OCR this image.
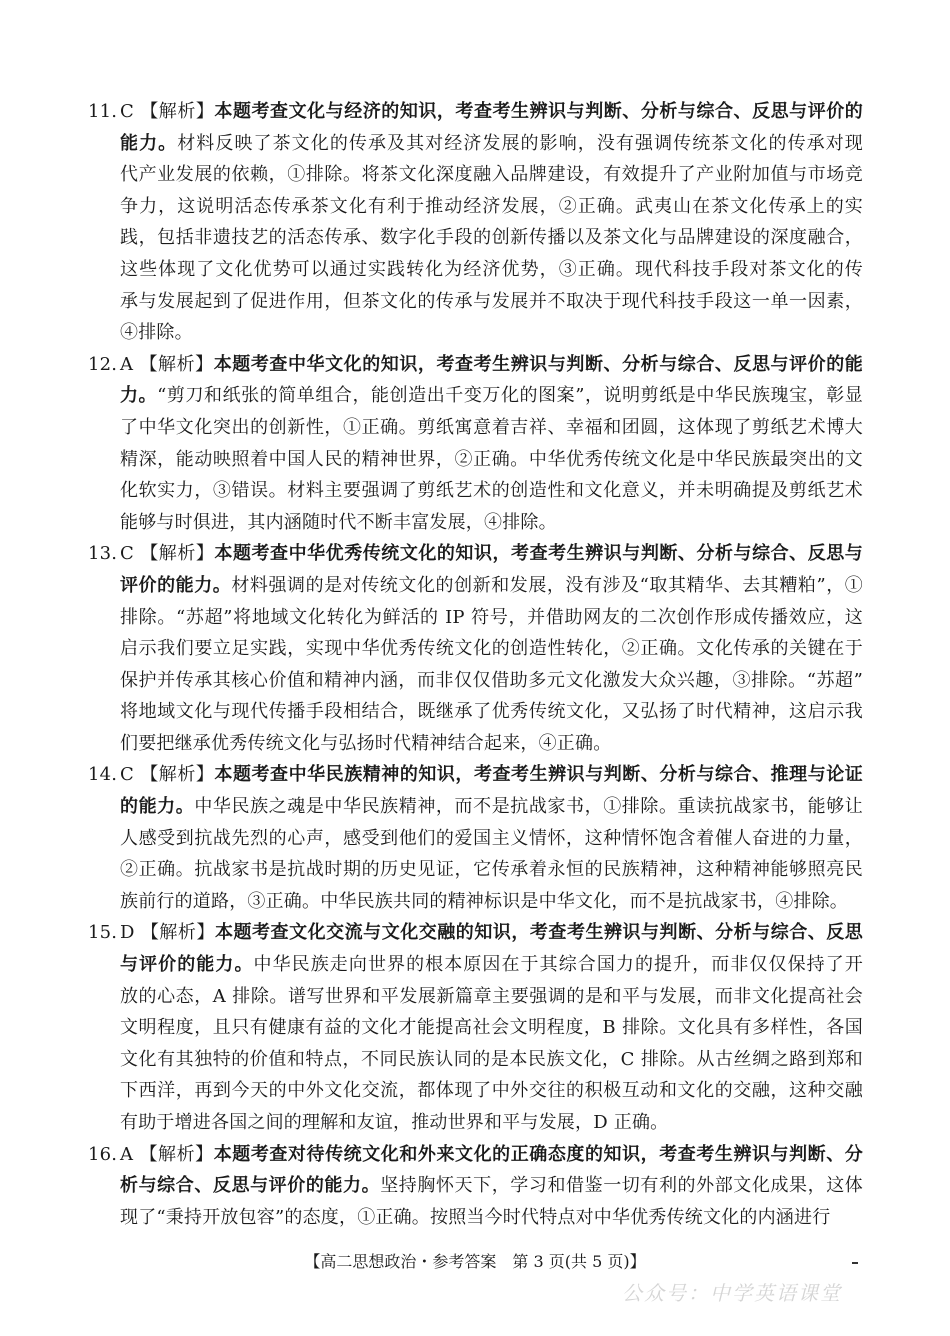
11. C 【解析】本题考查文化与经济的知识，考查考生辨识与判断、分析与综合、反思与评价的
能力。材料反映了茶文化的传承及其对经济发展的影响，没有强调传统茶文化的传承对现
代产业发展的依赖，①排除。将茶文化深度融入品牌建设，有效提升了产业附加值与市场竞
争力，这说明活态传承茶文化有利于推动经济发展，②正确。武夷山在茶文化传承上的实
践，包括非遗技艺的活态传承、数字化手段的创新传播以及茶文化与品牌建设的深度融合，
这些体现了文化优势可以通过实践转化为经济优势，③正确。现代科技手段对茶文化的传
承与发展起到了促进作用，但茶文化的传承与发展并不取决于现代科技手段这一单一因素，
④排除。
12. A 【解析】本题考查中华文化的知识，考查考生辨识与判断、分析与综合、反思与评价的能
力。“剪刀和纸张的简单组合，能创造出千变万化的图案”，说明剪纸是中华民族瑰宝，彰显
了中华文化突出的创新性，①正确。剪纸寓意着吉祥、幸福和团圆，这体现了剪纸艺术博大
精深，能动映照着中国人民的精神世界，②正确。中华优秀传统文化是中华民族最突出的文
化软实力，③错误。材料主要强调了剪纸艺术的创造性和文化意义，并未明确提及剪纸艺术
能够与时俱进，其内涵随时代不断丰富发展，④排除。
13. C 【解析】本题考查中华优秀传统文化的知识，考查考生辨识与判断、分析与综合、反思与
评价的能力。材料强调的是对传统文化的创新和发展，没有涉及“取其精华、去其糟粕”，①
排除。“苏超”将地域文化转化为鲜活的 IP 符号，并借助网友的二次创作形成传播效应，这
启示我们要立足实践，实现中华优秀传统文化的创造性转化，②正确。文化传承的关键在于
保护并传承其核心价值和精神内涵，而非仅仅借助多元文化激发大众兴趣，③排除。“苏超”
将地域文化与现代传播手段相结合，既继承了优秀传统文化，又弘扬了时代精神，这启示我
们要把继承优秀传统文化与弘扬时代精神结合起来，④正确。
14. C 【解析】本题考查中华民族精神的知识，考查考生辨识与判断、分析与综合、推理与论证
的能力。中华民族之魂是中华民族精神，而不是抗战家书，①排除。重读抗战家书，能够让
人感受到抗战先烈的心声，感受到他们的爱国主义情怀，这种情怀饱含着催人奋进的力量，
②正确。抗战家书是抗战时期的历史见证，它传承着永恒的民族精神，这种精神能够照亮民
族前行的道路，③正确。中华民族共同的精神标识是中华文化，而不是抗战家书，④排除。
15. D 【解析】本题考查文化交流与文化交融的知识，考查考生辨识与判断、分析与综合、反思
与评价的能力。中华民族走向世界的根本原因在于其综合国力的提升，而非仅仅保持了开
放的心态，A 排除。谱写世界和平发展新篇章主要强调的是和平与发展，而非文化提高社会
文明程度，且只有健康有益的文化才能提高社会文明程度，B 排除。文化具有多样性，各国
文化有其独特的价值和特点，不同民族认同的是本民族文化，C 排除。从古丝绸之路到郑和
下西洋，再到今天的中外文化交流，都体现了中外交往的积极互动和文化的交融，这种交融
有助于增进各国之间的理解和友谊，推动世界和平与发展，D 正确。
16. A 【解析】本题考查对待传统文化和外来文化的正确态度的知识，考查考生辨识与判断、分
析与综合、反思与评价的能力。坚持胸怀天下，学习和借鉴一切有利的外部文化成果，这体
现了“秉持开放包容”的态度，①正确。按照当今时代特点对中华优秀传统文化的内涵进行
【高二思想政治・参考答案　第 3 页(共 5 页)】
公众号：中学英语课堂
